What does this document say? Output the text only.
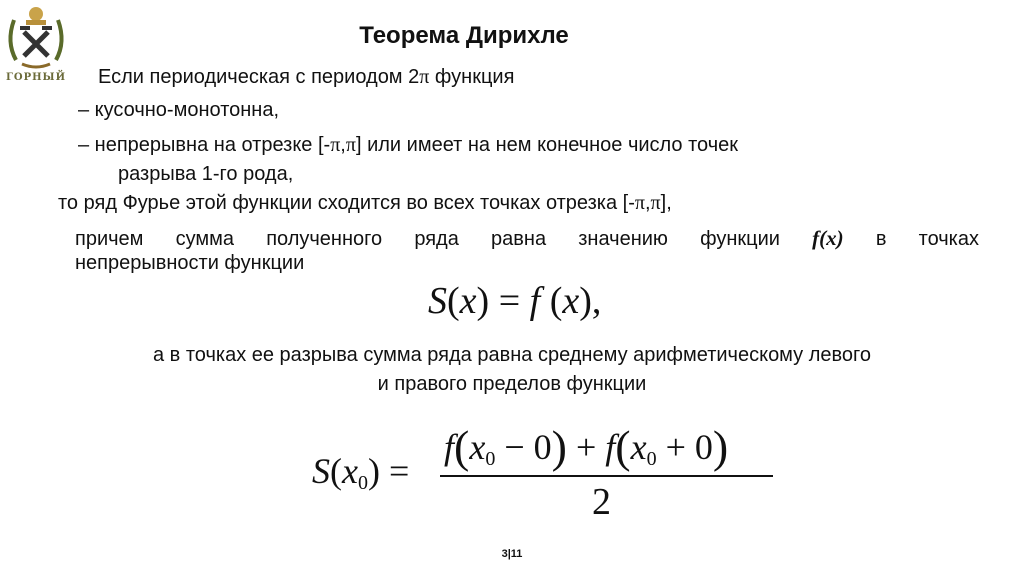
ГОРНЫЙ
Теорема Дирихле
Если периодическая с периодом 2π функция
– кусочно-монотонна,
– непрерывна на отрезке [-π,π] или имеет на нем конечное число точек
разрыва 1-го рода,
то ряд Фурье этой функции сходится во всех точках отрезка [-π,π],
причем сумма полученного ряда равна значению функции f(x) в точках
непрерывности функции
S(x) = f (x),
а в точках ее разрыва сумма ряда равна среднему арифметическому левого
и правого пределов функции
$S(x_0)$ =
$f(x_0 - 0) + f(x_0 + 0)$
2
3|11
